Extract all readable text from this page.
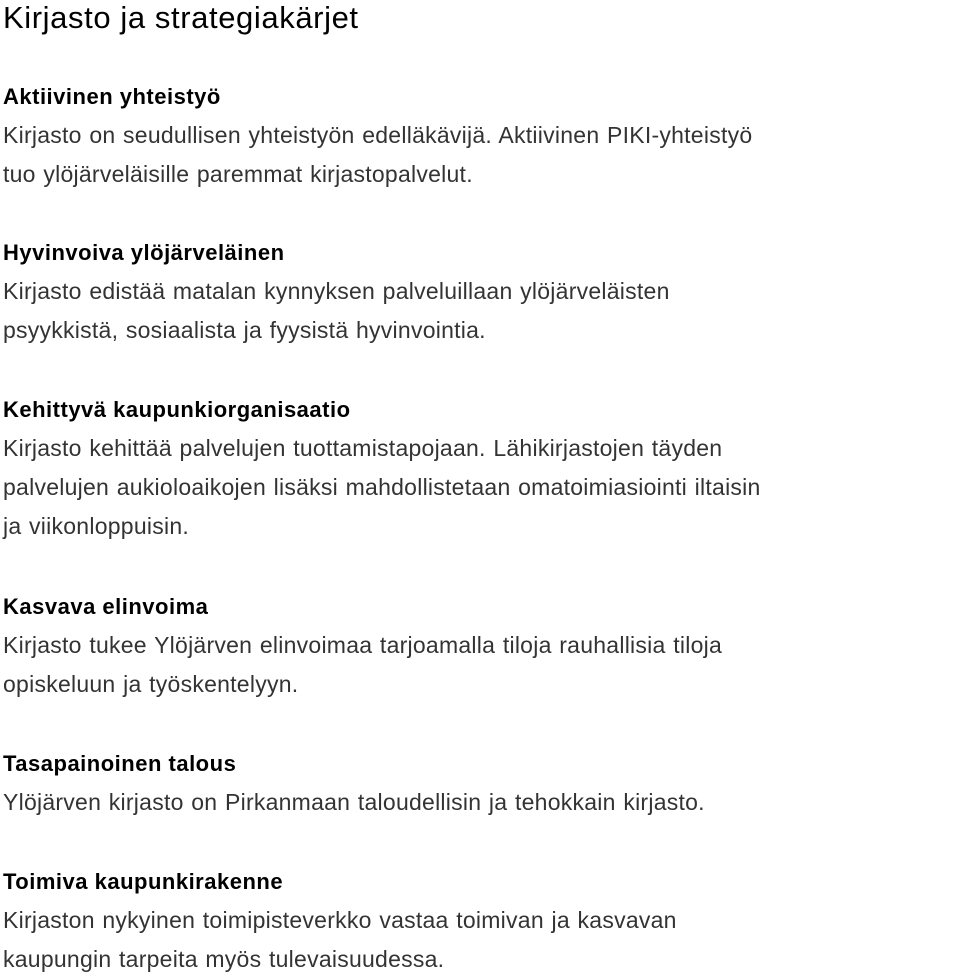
Kirjasto ja strategiakärjet
Aktiivinen yhteistyö

Kirjasto on seudullisen yhteistyön edelläkävijä. Aktiivinen PIKI-yhteistyö
tuo ylöjärveläisille paremmat kirjastopalvelut.

Hyvinvoiva ylöjärveläinen

Kirjasto edistää matalan kynnyksen palveluillaan ylöjärveläisten
psyykkistä, sosiaalista ja fyysistä hyvinvointia.

Kehittyvä kaupunkiorganisaatio

Kirjasto kehittää palvelujen tuottamistapojaan. Lähikirjastojen täyden
palvelujen aukioloaikojen lisäksi mahdollistetaan omatoimiasiointi iltaisin
ja viikonloppuisin.

Kasvava elinvoima

Kirjasto tukee Ylöjärven elinvoimaa tarjoamalla tiloja rauhallisia tiloja
opiskeluun ja työskentelyyn.

Tasapainoinen talous

Ylöjärven kirjasto on Pirkanmaan taloudellisin ja tehokkain kirjasto.

Toimiva kaupunkirakenne

Kirjaston nykyinen toimipisteverkko vastaa toimivan ja kasvavan
kaupungin tarpeita myös tulevaisuudessa.
